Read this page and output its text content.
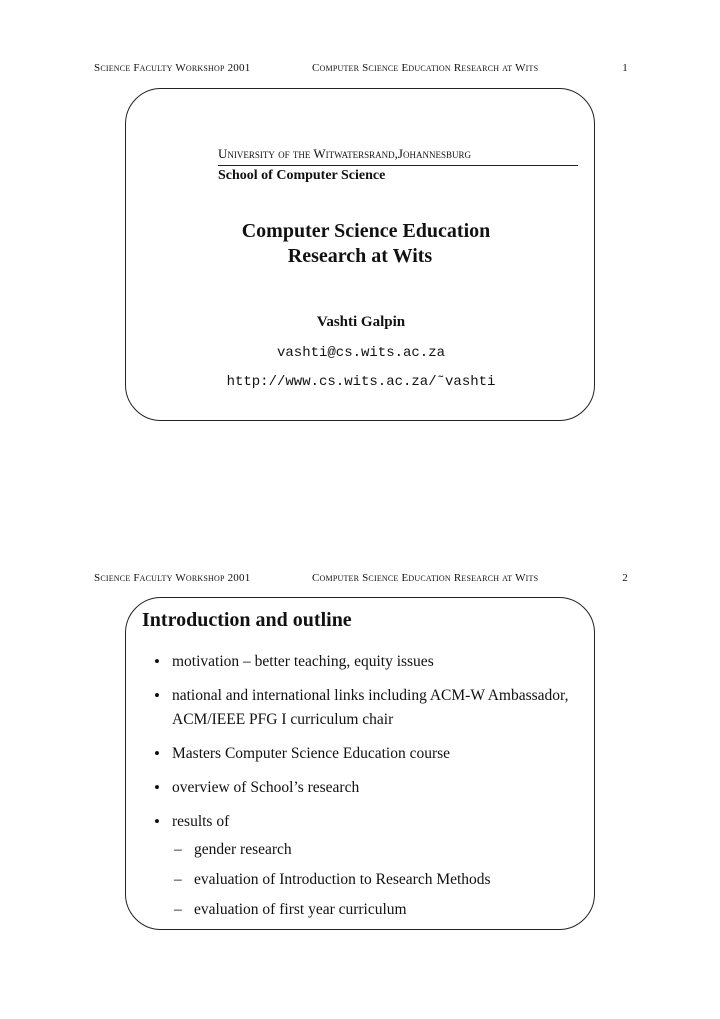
Science Faculty Workshop 2001	Computer Science Education Research at Wits	1
University of the Witwatersrand,Johannesburg
School of Computer Science
Computer Science Education
Research at Wits
Vashti Galpin
vashti@cs.wits.ac.za
http://www.cs.wits.ac.za/˜vashti
Science Faculty Workshop 2001	Computer Science Education Research at Wits	2
Introduction and outline
• motivation – better teaching, equity issues
• national and international links including ACM-W Ambassador, ACM/IEEE PFG I curriculum chair
• Masters Computer Science Education course
• overview of School’s research
• results of
– gender research
– evaluation of Introduction to Research Methods
– evaluation of first year curriculum
